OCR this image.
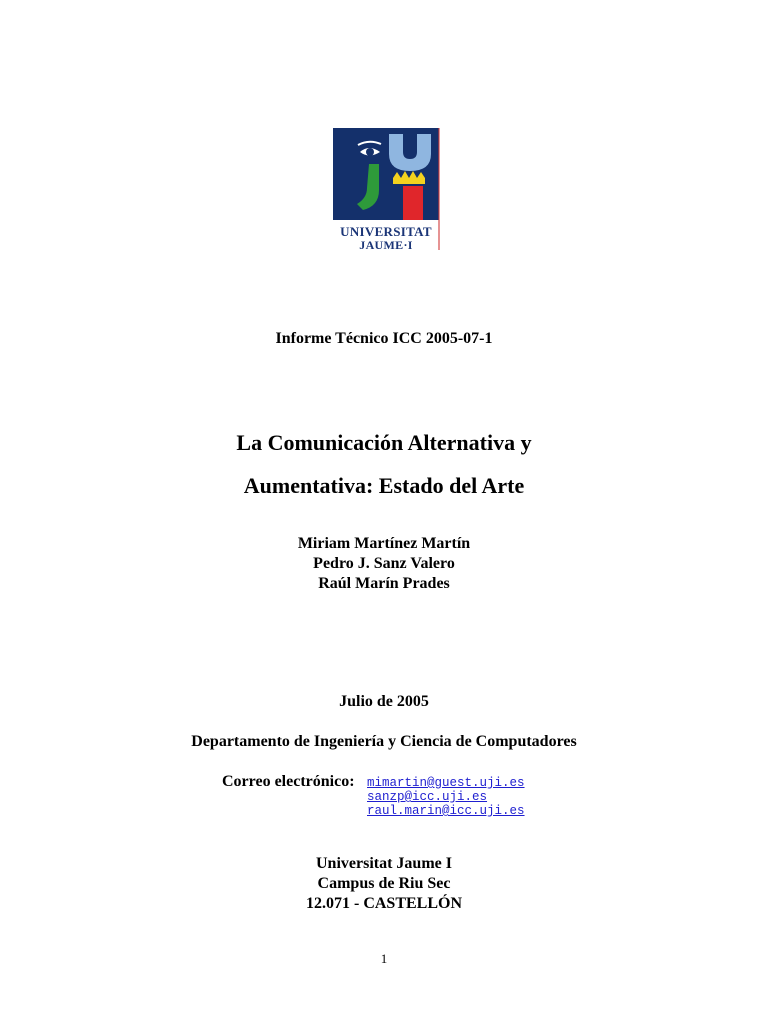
UNIVERSITAT
JAUME·I
Informe Técnico ICC 2005-07-1
La Comunicación Alternativa y
Aumentativa: Estado del Arte
Miriam Martínez Martín
Pedro J. Sanz Valero
Raúl Marín Prades
Julio de 2005
Departamento de Ingeniería y Ciencia de Computadores
Correo electrónico: mimartin@guest.uji.es
sanzp@icc.uji.es
raul.marin@icc.uji.es
Universitat Jaume I
Campus de Riu Sec
12.071 - CASTELLÓN
1
